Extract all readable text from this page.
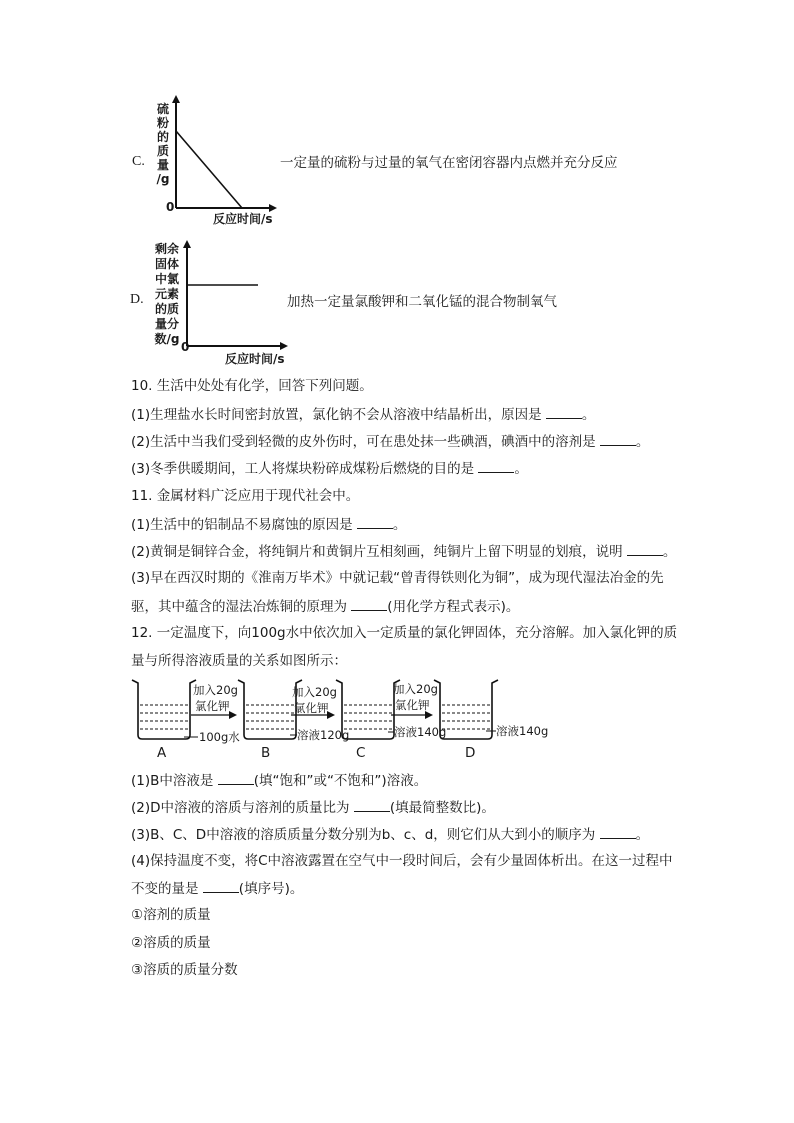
C.
硫
粉
的
质
量
/g
0
反应时间/s
一定量的硫粉与过量的氧气在密闭容器内点燃并充分反应
D.
剩余
固体
中氯
元素
的质
量分
数/g
0
反应时间/s
加热一定量氯酸钾和二氧化锰的混合物制氧气
10. 生活中处处有化学，回答下列问题。
(1)生理盐水长时间密封放置，氯化钠不会从溶液中结晶析出，原因是	。
(2)生活中当我们受到轻微的皮外伤时，可在患处抹一些碘酒，碘酒中的溶剂是	。
(3)冬季供暖期间，工人将煤块粉碎成煤粉后燃烧的目的是	。
11. 金属材料广泛应用于现代社会中。
(1)生活中的铝制品不易腐蚀的原因是	。
(2)黄铜是铜锌合金，将纯铜片和黄铜片互相刻画，纯铜片上留下明显的划痕，说明	。
(3)早在西汉时期的《淮南万毕术》中就记载“曾青得铁则化为铜”，成为现代湿法冶金的先
驱，其中蕴含的湿法冶炼铜的原理为	(用化学方程式表示)。
12. 一定温度下，向100g水中依次加入一定质量的氯化钾固体，充分溶解。加入氯化钾的质
量与所得溶液质量的关系如图所示：
加入20g
氯化钾
加入20g
氯化钾
加入20g
氯化钾
100g水	溶液120g	溶液140g	溶液140g
A	B	C	D
(1)B中溶液是	(填“饱和”或“不饱和”)溶液。
(2)D中溶液的溶质与溶剂的质量比为	(填最简整数比)。
(3)B、C、D中溶液的溶质质量分数分别为b、c、d，则它们从大到小的顺序为	。
(4)保持温度不变，将C中溶液露置在空气中一段时间后，会有少量固体析出。在这一过程中
不变的量是	(填序号)。
①溶剂的质量
②溶质的质量
③溶质的质量分数
